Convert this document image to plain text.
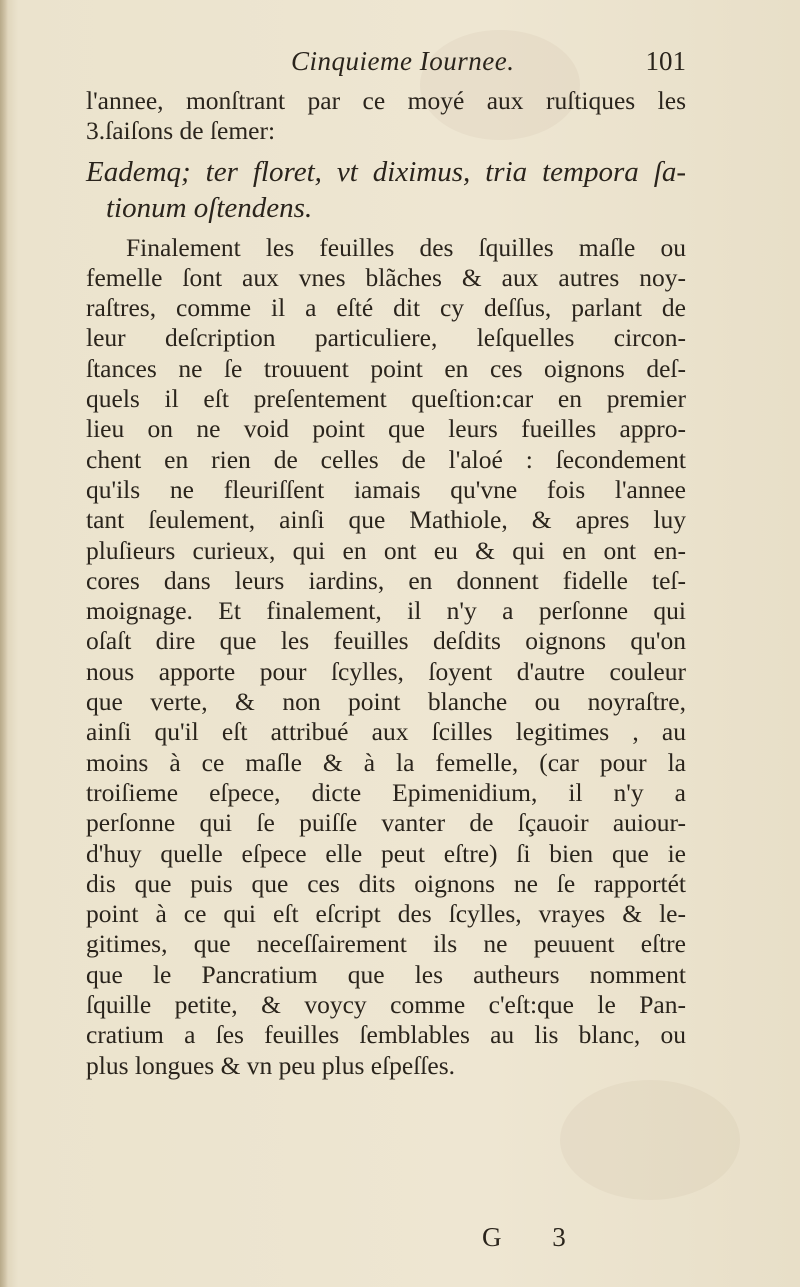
Cinquieme Iournee.	101
l'annee, monſtrant par ce moyé aux ruſtiques les
3.ſaiſons de ſemer:
Eademq; ter floret, vt diximus, tria tempora ſa-
tionum oſtendens.
Finalement les feuilles des ſquilles maſle ou
femelle ſont aux vnes blãches & aux autres noy-
raſtres, comme il a eſté dit cy deſſus, parlant de
leur deſcription particuliere, leſquelles circon-
ſtances ne ſe trouuent point en ces oignons deſ-
quels il eſt preſentement queſtion:car en premier
lieu on ne void point que leurs fueilles appro-
chent en rien de celles de l'aloé : ſecondement
qu'ils ne fleuriſſent iamais qu'vne fois l'annee
tant ſeulement, ainſi que Mathiole, & apres luy
pluſieurs curieux, qui en ont eu & qui en ont en-
cores dans leurs iardins, en donnent fidelle teſ-
moignage. Et finalement, il n'y a perſonne qui
oſaſt dire que les feuilles deſdits oignons qu'on
nous apporte pour ſcylles, ſoyent d'autre couleur
que verte, & non point blanche ou noyraſtre,
ainſi qu'il eſt attribué aux ſcilles legitimes , au
moins à ce maſle & à la femelle, (car pour la
troiſieme eſpece, dicte Epimenidium, il n'y a
perſonne qui ſe puiſſe vanter de ſçauoir auiour-
d'huy quelle eſpece elle peut eſtre) ſi bien que ie
dis que puis que ces dits oignons ne ſe rapportét
point à ce qui eſt eſcript des ſcylles, vrayes & le-
gitimes, que neceſſairement ils ne peuuent eſtre
que le Pancratium que les autheurs nomment
ſquille petite, & voycy comme c'eſt:que le Pan-
cratium a ſes feuilles ſemblables au lis blanc, ou
plus longues & vn peu plus eſpeſſes.
G 3
